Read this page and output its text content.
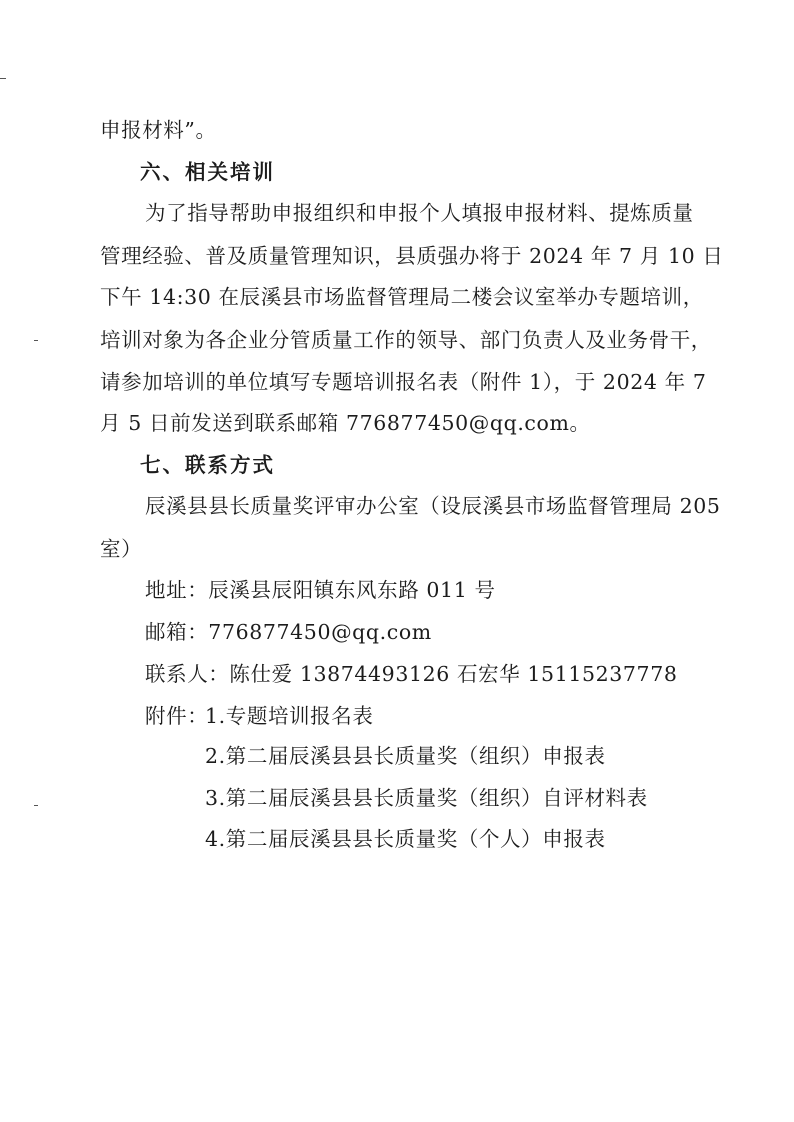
申报材料”。
六、相关培训
为了指导帮助申报组织和申报个人填报申报材料、提炼质量
管理经验、普及质量管理知识，县质强办将于 2024 年 7 月 10 日
下午 14:30 在辰溪县市场监督管理局二楼会议室举办专题培训，
培训对象为各企业分管质量工作的领导、部门负责人及业务骨干，
请参加培训的单位填写专题培训报名表（附件 1），于 2024 年 7
月 5 日前发送到联系邮箱 776877450@qq.com。
七、联系方式
辰溪县县长质量奖评审办公室（设辰溪县市场监督管理局 205
室）
地址：辰溪县辰阳镇东风东路 011 号
邮箱：776877450@qq.com
联系人：陈仕爱 13874493126 石宏华 15115237778
附件：
1.专题培训报名表
2.第二届辰溪县县长质量奖（组织）申报表
3.第二届辰溪县县长质量奖（组织）自评材料表
4.第二届辰溪县县长质量奖（个人）申报表
